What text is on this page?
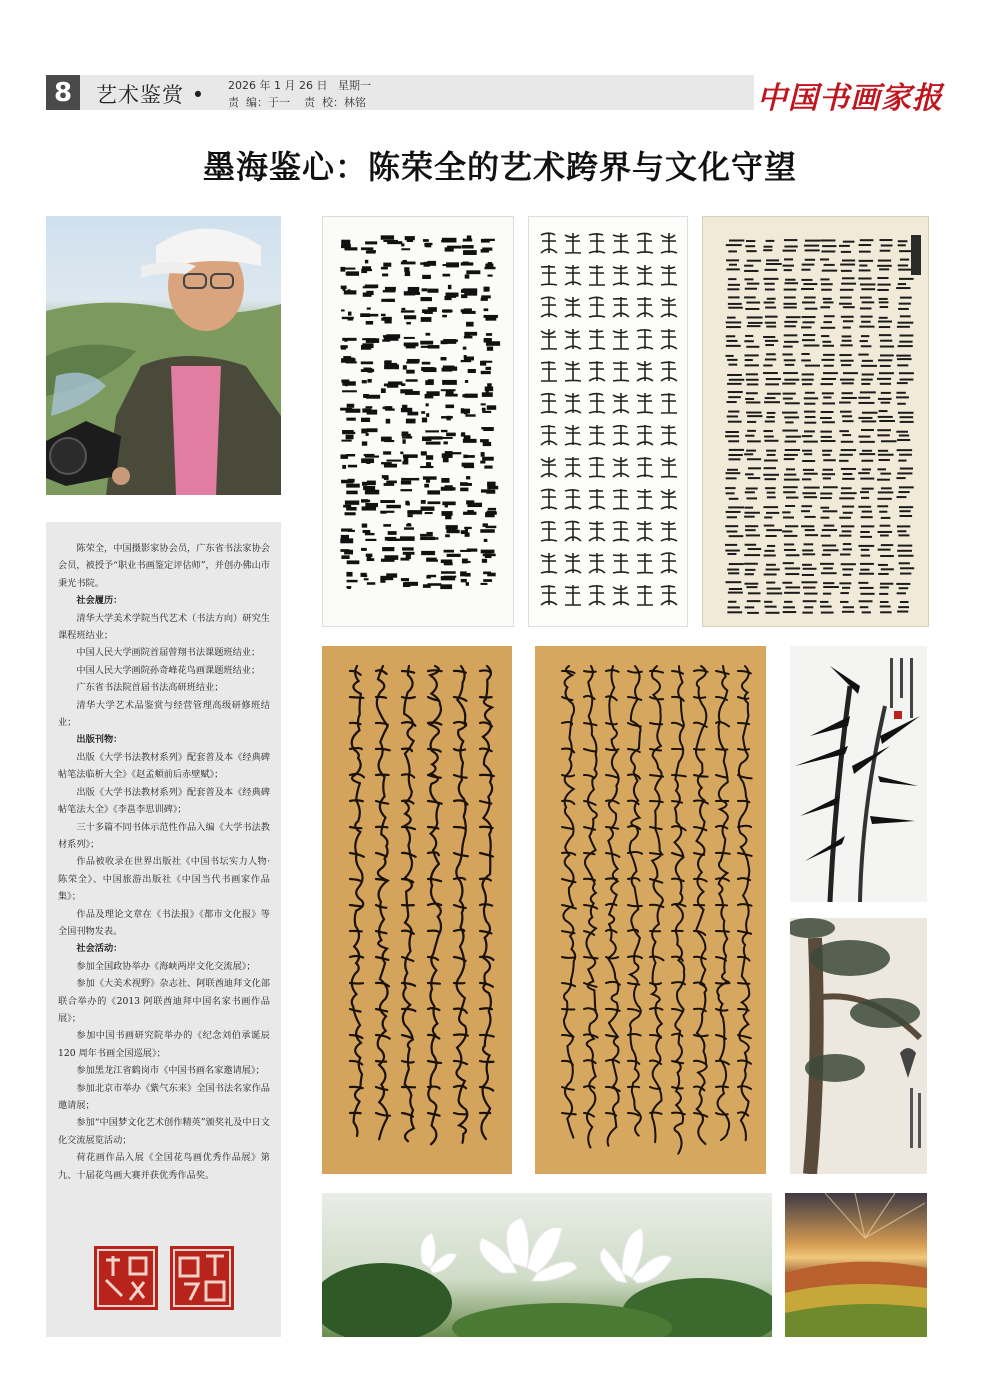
8	艺术鉴赏 • 2026 年 1 月 26 日   星期一
责  编：于一    责  校：林铭	中国书画家报
墨海鉴心：陈荣全的艺术跨界与文化守望

陈荣全，中国摄影家协会员，广东省书法家协会会员，被授予“职业书画鉴定评估师”，并创办佛山市秉光书院。

社会履历：

清华大学美术学院当代艺术（书法方向）研究生课程班结业；

中国人民大学画院首届曾翔书法课题班结业；

中国人民大学画院孙奇峰花鸟画课题班结业；

广东省书法院首届书法高研班结业；

清华大学艺术品鉴赏与经营管理高级研修班结业；

出版刊物：

出版《大学书法教材系列》配套普及本《经典碑帖笔法临析大全》《赵孟頫前后赤壁赋》；

出版《大学书法教材系列》配套普及本《经典碑帖笔法大全》《李邕李思训碑》；

三十多篇不同书体示范性作品入编《大学书法教材系列》；

作品被收录在世界出版社《中国书坛实力人物·陈荣全》、中国旅游出版社《中国当代书画家作品集》；

作品及理论文章在《书法报》《都市文化报》等全国刊物发表。

社会活动：

参加全国政协举办《海峡两岸文化交流展》；

参加《大美术视野》杂志社、阿联酋迪拜文化部联合举办的《2013 阿联酋迪拜中国名家书画作品展》；

参加中国书画研究院举办的《纪念刘伯承诞辰 120 周年书画全国巡展》；

参加黑龙江省鹤岗市《中国书画名家邀请展》；

参加北京市举办《紫气东来》全国书法名家作品邀请展；

参加“中国梦文化艺术创作精英”颁奖礼及中日文化交流展览活动；

荷花画作品入展《全国花鸟画优秀作品展》第九、十届花鸟画大赛并获优秀作品奖。
